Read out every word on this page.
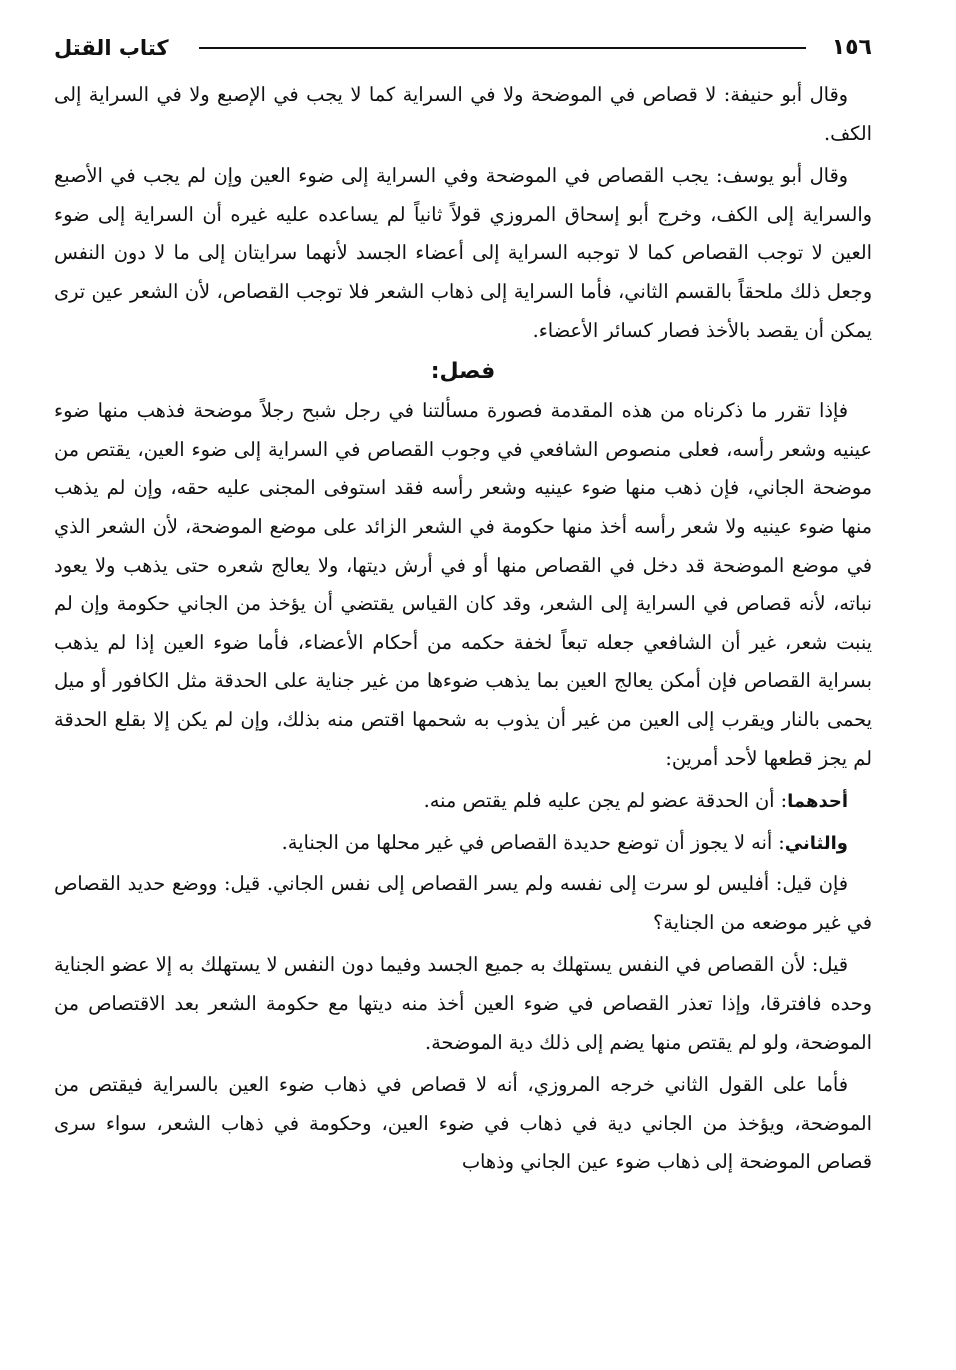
١٥٦
كتاب القتل

وقال أبو حنيفة: لا قصاص في الموضحة ولا في السراية كما لا يجب في الإصبع ولا في السراية إلى الكف.

وقال أبو يوسف: يجب القصاص في الموضحة وفي السراية إلى ضوء العين وإن لم يجب في الأصبع والسراية إلى الكف، وخرج أبو إسحاق المروزي قولاً ثانياً لم يساعده عليه غيره أن السراية إلى ضوء العين لا توجب القصاص كما لا توجبه السراية إلى أعضاء الجسد لأنهما سرايتان إلى ما لا دون النفس وجعل ذلك ملحقاً بالقسم الثاني، فأما السراية إلى ذهاب الشعر فلا توجب القصاص، لأن الشعر عين ترى يمكن أن يقصد بالأخذ فصار كسائر الأعضاء.

فصل:

فإذا تقرر ما ذكرناه من هذه المقدمة فصورة مسألتنا في رجل شبح رجلاً موضحة فذهب منها ضوء عينيه وشعر رأسه، فعلى منصوص الشافعي في وجوب القصاص في السراية إلى ضوء العين، يقتص من موضحة الجاني، فإن ذهب منها ضوء عينيه وشعر رأسه فقد استوفى المجنى عليه حقه، وإن لم يذهب منها ضوء عينيه ولا شعر رأسه أخذ منها حكومة في الشعر الزائد على موضع الموضحة، لأن الشعر الذي في موضع الموضحة قد دخل في القصاص منها أو في أرش ديتها، ولا يعالج شعره حتى يذهب ولا يعود نباته، لأنه قصاص في السراية إلى الشعر، وقد كان القياس يقتضي أن يؤخذ من الجاني حكومة وإن لم ينبت شعر، غير أن الشافعي جعله تبعاً لخفة حكمه من أحكام الأعضاء، فأما ضوء العين إذا لم يذهب بسراية القصاص فإن أمكن يعالج العين بما يذهب ضوءها من غير جناية على الحدقة مثل الكافور أو ميل يحمى بالنار ويقرب إلى العين من غير أن يذوب به شحمها اقتص منه بذلك، وإن لم يكن إلا بقلع الحدقة لم يجز قطعها لأحد أمرين:

أحدهما: أن الحدقة عضو لم يجن عليه فلم يقتص منه.

والثاني: أنه لا يجوز أن توضع حديدة القصاص في غير محلها من الجناية.

فإن قيل: أفليس لو سرت إلى نفسه ولم يسر القصاص إلى نفس الجاني. قيل: ووضع حديد القصاص في غير موضعه من الجناية؟

قيل: لأن القصاص في النفس يستهلك به جميع الجسد وفيما دون النفس لا يستهلك به إلا عضو الجناية وحده فافترقا، وإذا تعذر القصاص في ضوء العين أخذ منه ديتها مع حكومة الشعر بعد الاقتصاص من الموضحة، ولو لم يقتص منها يضم إلى ذلك دية الموضحة.

فأما على القول الثاني خرجه المروزي، أنه لا قصاص في ذهاب ضوء العين بالسراية فيقتص من الموضحة، ويؤخذ من الجاني دية في ذهاب في ضوء العين، وحكومة في ذهاب الشعر، سواء سرى قصاص الموضحة إلى ذهاب ضوء عين الجاني وذهاب
